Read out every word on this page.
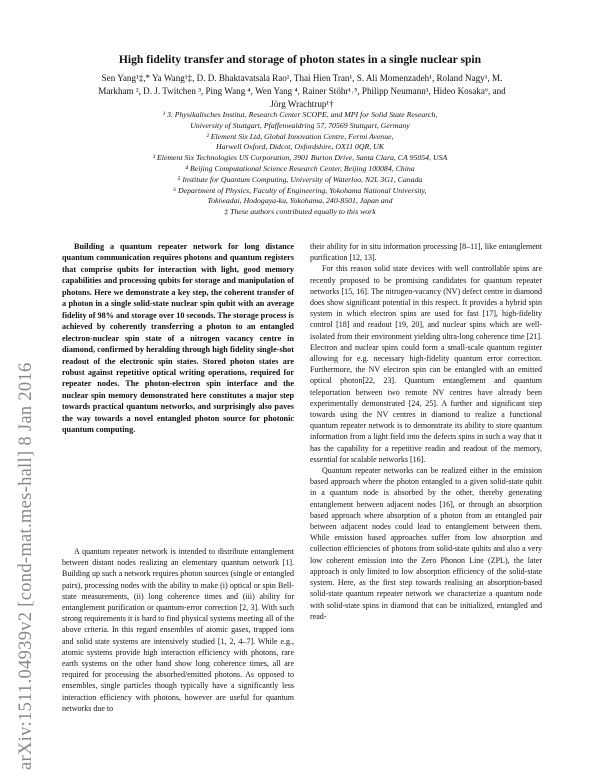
arXiv:1511.04939v2 [cond-mat.mes-hall] 8 Jan 2016
High fidelity transfer and storage of photon states in a single nuclear spin
Sen Yang¹‡,* Ya Wang¹‡, D. D. Bhaktavatsala Rao¹, Thai Hien Tran¹, S. Ali Momenzadeh¹, Roland Nagy¹, M. Markham ², D. J. Twitchen ³, Ping Wang ⁴, Wen Yang ⁴, Rainer Stöhr¹˒⁵, Philipp Neumann¹, Hideo Kosaka⁶, and Jörg Wrachtrup¹†
¹ 3. Physikalisches Institut, Research Center SCOPE, and MPI for Solid State Research,
University of Stuttgart, Pfaffenwaldring 57, 70569 Stuttgart, Germany
² Element Six Ltd, Global Innovation Centre, Fermi Avenue,
Harwell Oxford, Didcot, Oxfordshire, OX11 0QR, UK
³ Element Six Technologies US Corporation, 3901 Burton Drive, Santa Clara, CA 95054, USA
⁴ Beijing Computational Science Research Center, Beijing 100084, China
⁵ Institute for Quantum Computing, University of Waterloo, N2L 3G1, Canada
⁶ Department of Physics, Faculty of Engineering, Yokohama National University,
Tokiwadai, Hodogaya-ku, Yokohama, 240-8501, Japan and
‡ These authors contributed equally to this work

Building a quantum repeater network for long distance quantum communication requires photons and quantum registers that comprise qubits for interaction with light, good memory capabilities and processing qubits for storage and manipulation of photons. Here we demonstrate a key step, the coherent transfer of a photon in a single solid-state nuclear spin qubit with an average fidelity of 98% and storage over 10 seconds. The storage process is achieved by coherently transferring a photon to an entangled electron-nuclear spin state of a nitrogen vacancy centre in diamond, confirmed by heralding through high fidelity single-shot readout of the electronic spin states. Stored photon states are robust against repetitive optical writing operations, required for repeater nodes. The photon-electron spin interface and the nuclear spin memory demonstrated here constitutes a major step towards practical quantum networks, and surprisingly also paves the way towards a novel entangled photon source for photonic quantum computing.

A quantum repeater network is intended to distribute entanglement between distant nodes realizing an elementary quantum network [1]. Building up such a network requires photon sources (single or entangled pairs), processing nodes with the ability to make (i) optical or spin Bell-state measurements, (ii) long coherence times and (iii) ability for entanglement purification or quantum-error correction [2, 3]. With such strong requirements it is hard to find physical systems meeting all of the above criteria. In this regard ensembles of atomic gases, trapped ions and solid state systems are intensively studied [1, 2, 4–7]. While e.g., atomic systems provide high interaction efficiency with photons, rare earth systems on the other hand show long coherence times, all are required for processing the absorbed/emitted photons. As opposed to ensembles, single particles though typically have a significantly less interaction efficiency with photons, however are useful for quantum networks due to

their ability for in situ information processing [8–11], like entanglement purification [12, 13].

For this reason solid state devices with well controllable spins are recently proposed to be promising candidates for quantum repeater networks [15, 16]. The nitrogen-vacancy (NV) defect centre in diamond does show significant potential in this respect. It provides a hybrid spin system in which electron spins are used for fast [17], high-fidelity control [18] and readout [19, 20], and nuclear spins which are well-isolated from their environment yielding ultra-long coherence time [21]. Electron and nuclear spins could form a small-scale quantum register allowing for e.g. necessary high-fidelity quantum error correction. Furthermore, the NV electron spin can be entangled with an emitted optical photon[22, 23]. Quantum entanglement and quantum teleportation between two remote NV centres have already been experimentally demonstrated [24, 25]. A further and significant step towards using the NV centres in diamond to realize a functional quantum repeater network is to demonstrate its ability to store quantum information from a light field into the defects spins in such a way that it has the capability for a repetitive readin and readout of the memory, essential for scalable networks [16].

Quantum repeater networks can be realized either in the emission based approach where the photon entangled to a given solid-state qubit in a quantum node is absorbed by the other, thereby generating entanglement between adjacent nodes [16], or through an absorption based approach where absorption of a photon from an entangled pair between adjacent nodes could lead to entanglement between them. While emission based approaches suffer from low absorption and collection efficiencies of photons from solid-state qubits and also a very low coherent emission into the Zero Phonon Line (ZPL), the later approach is only limited to low absorption efficiency of the solid-state system. Here, as the first step towards realising an absorption-based solid-state quantum repeater network we characterize a quantum node with solid-state spins in diamond that can be initialized, entangled and read-
